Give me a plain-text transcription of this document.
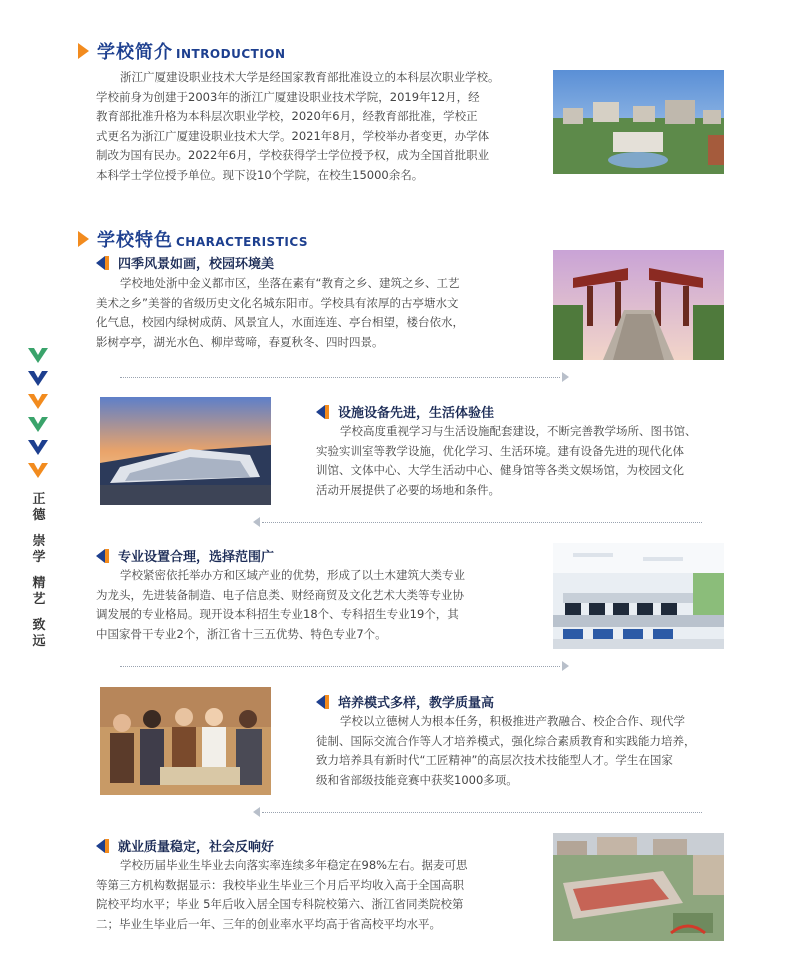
学校简介 INTRODUCTION
浙江广厦建设职业技术大学是经国家教育部批准设立的本科层次职业学校。
学校前身为创建于2003年的浙江广厦建设职业技术学院，2019年12月，经
教育部批准升格为本科层次职业学校，2020年6月，经教育部批准，学校正
式更名为浙江广厦建设职业技术大学。2021年8月，学校举办者变更，办学体
制改为国有民办。2022年6月，学校获得学士学位授予权，成为全国首批职业
本科学士学位授予单位。现下设10个学院，在校生15000余名。
学校特色 CHARACTERISTICS
四季风景如画，校园环境美
学校地处浙中金义都市区，坐落在素有“教育之乡、建筑之乡、工艺
美术之乡”美誉的省级历史文化名城东阳市。学校具有浓厚的古亭塘水文
化气息，校园内绿树成荫、风景宜人，水面连连、亭台相望，楼台依水，
影树亭亭，湖光水色、柳岸莺啼，春夏秋冬、四时四景。
设施设备先进，生活体验佳
学校高度重视学习与生活设施配套建设，不断完善教学场所、图书馆、
实验实训室等教学设施，优化学习、生活环境。建有设备先进的现代化体
训馆、文体中心、大学生活动中心、健身馆等各类文娱场馆，为校园文化
活动开展提供了必要的场地和条件。
专业设置合理，选择范围广
学校紧密依托举办方和区域产业的优势，形成了以土木建筑大类专业
为龙头，先进装备制造、电子信息类、财经商贸及文化艺术大类等专业协
调发展的专业格局。现开设本科招生专业18个、专科招生专业19个，其
中国家骨干专业2个，浙江省十三五优势、特色专业7个。
培养模式多样，教学质量高
学校以立德树人为根本任务，积极推进产教融合、校企合作、现代学
徒制、国际交流合作等人才培养模式，强化综合素质教育和实践能力培养，
致力培养具有新时代“工匠精神”的高层次技术技能型人才。学生在国家
级和省部级技能竞赛中获奖1000多项。
就业质量稳定，社会反响好
学校历届毕业生毕业去向落实率连续多年稳定在98%左右。据麦可思
等第三方机构数据显示：我校毕业生毕业三个月后平均收入高于全国高职
院校平均水平；毕业 5年后收入居全国专科院校第六、浙江省同类院校第
二；毕业生毕业后一年、三年的创业率水平均高于省高校平均水平。
正
德
崇
学
精
艺
致
远
